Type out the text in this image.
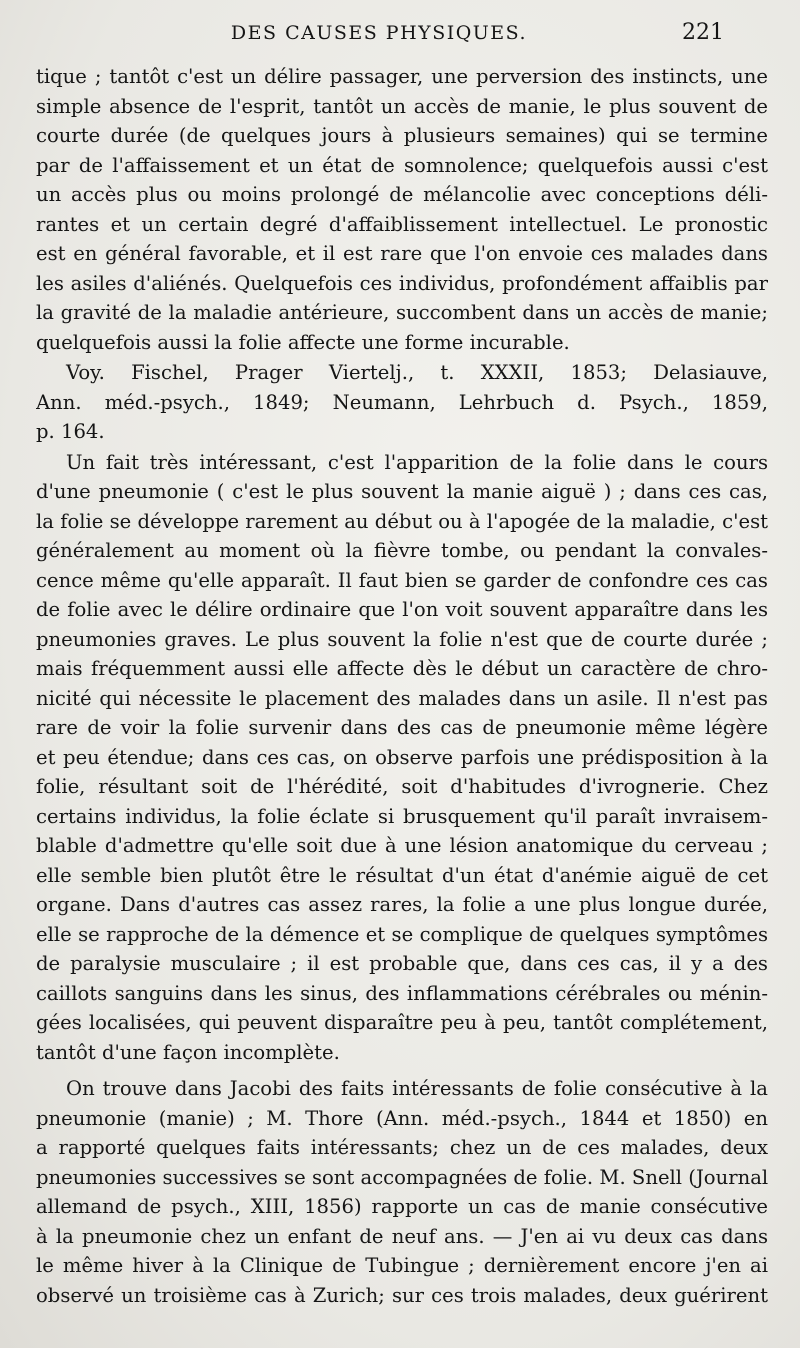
DES CAUSES PHYSIQUES.	221
tique ; tantôt c'est un délire passager, une perversion des instincts, une
simple absence de l'esprit, tantôt un accès de manie, le plus souvent de
courte durée (de quelques jours à plusieurs semaines) qui se termine
par de l'affaissement et un état de somnolence; quelquefois aussi c'est
un accès plus ou moins prolongé de mélancolie avec conceptions déli-
rantes et un certain degré d'affaiblissement intellectuel. Le pronostic
est en général favorable, et il est rare que l'on envoie ces malades dans
les asiles d'aliénés. Quelquefois ces individus, profondément affaiblis par
la gravité de la maladie antérieure, succombent dans un accès de manie;
quelquefois aussi la folie affecte une forme incurable.
Voy. Fischel, Prager Viertelj., t. XXXII, 1853; Delasiauve,
Ann. méd.-psych., 1849; Neumann, Lehrbuch d. Psych., 1859,
p. 164.
Un fait très intéressant, c'est l'apparition de la folie dans le cours
d'une pneumonie ( c'est le plus souvent la manie aiguë ) ; dans ces cas,
la folie se développe rarement au début ou à l'apogée de la maladie, c'est
généralement au moment où la fièvre tombe, ou pendant la convales-
cence même qu'elle apparaît. Il faut bien se garder de confondre ces cas
de folie avec le délire ordinaire que l'on voit souvent apparaître dans les
pneumonies graves. Le plus souvent la folie n'est que de courte durée ;
mais fréquemment aussi elle affecte dès le début un caractère de chro-
nicité qui nécessite le placement des malades dans un asile. Il n'est pas
rare de voir la folie survenir dans des cas de pneumonie même légère
et peu étendue; dans ces cas, on observe parfois une prédisposition à la
folie, résultant soit de l'hérédité, soit d'habitudes d'ivrognerie. Chez
certains individus, la folie éclate si brusquement qu'il paraît invraisem-
blable d'admettre qu'elle soit due à une lésion anatomique du cerveau ;
elle semble bien plutôt être le résultat d'un état d'anémie aiguë de cet
organe. Dans d'autres cas assez rares, la folie a une plus longue durée,
elle se rapproche de la démence et se complique de quelques symptômes
de paralysie musculaire ; il est probable que, dans ces cas, il y a des
caillots sanguins dans les sinus, des inflammations cérébrales ou ménin-
gées localisées, qui peuvent disparaître peu à peu, tantôt complétement,
tantôt d'une façon incomplète.
On trouve dans Jacobi des faits intéressants de folie consécutive à la
pneumonie (manie) ; M. Thore (Ann. méd.-psych., 1844 et 1850) en
a rapporté quelques faits intéressants; chez un de ces malades, deux
pneumonies successives se sont accompagnées de folie. M. Snell (Journal
allemand de psych., XIII, 1856) rapporte un cas de manie consécutive
à la pneumonie chez un enfant de neuf ans. — J'en ai vu deux cas dans
le même hiver à la Clinique de Tubingue ; dernièrement encore j'en ai
observé un troisième cas à Zurich; sur ces trois malades, deux guérirent
